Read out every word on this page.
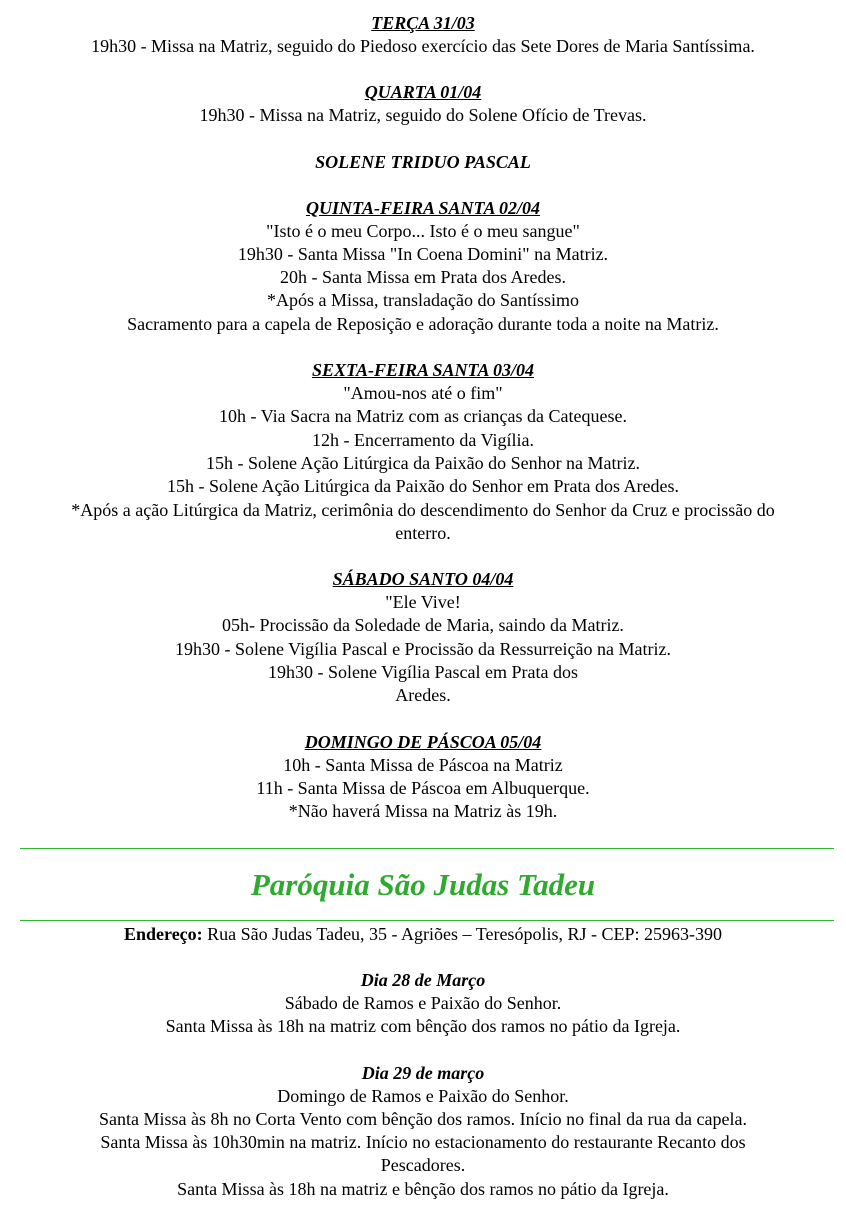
TERÇA 31/03
19h30 - Missa na Matriz, seguido do Piedoso exercício das Sete Dores de Maria Santíssima.
QUARTA 01/04
19h30 - Missa na Matriz, seguido do Solene Ofício de Trevas.
SOLENE TRIDUO PASCAL
QUINTA-FEIRA SANTA 02/04
"Isto é o meu Corpo... Isto é o meu sangue"
19h30 - Santa Missa "In Coena Domini" na Matriz.
20h - Santa Missa em Prata dos Aredes.
*Após a Missa, transladação do Santíssimo
Sacramento para a capela de Reposição e adoração durante toda a noite na Matriz.
SEXTA-FEIRA SANTA 03/04
"Amou-nos até o fim"
10h - Via Sacra na Matriz com as crianças da Catequese.
12h - Encerramento da Vigília.
15h - Solene Ação Litúrgica da Paixão do Senhor na Matriz.
15h - Solene Ação Litúrgica da Paixão do Senhor em Prata dos Aredes.
*Após a ação Litúrgica da Matriz, cerimônia do descendimento do Senhor da Cruz e procissão do
enterro.
SÁBADO SANTO 04/04
"Ele Vive!
05h- Procissão da Soledade de Maria, saindo da Matriz.
19h30 - Solene Vigília Pascal e Procissão da Ressurreição na Matriz.
19h30 - Solene Vigília Pascal em Prata dos
Aredes.
DOMINGO DE PÁSCOA 05/04
10h - Santa Missa de Páscoa na Matriz
11h - Santa Missa de Páscoa em Albuquerque.
*Não haverá Missa na Matriz às 19h.
Paróquia São Judas Tadeu
Endereço: Rua São Judas Tadeu, 35 - Agriões – Teresópolis, RJ - CEP: 25963-390
Dia 28 de Março
Sábado de Ramos e Paixão do Senhor.
Santa Missa às 18h na matriz com bênção dos ramos no pátio da Igreja.
Dia 29 de março
Domingo de Ramos e Paixão do Senhor.
Santa Missa às 8h no Corta Vento com bênção dos ramos. Início no final da rua da capela.
Santa Missa às 10h30min na matriz. Início no estacionamento do restaurante Recanto dos
Pescadores.
Santa Missa às 18h na matriz e bênção dos ramos no pátio da Igreja.
